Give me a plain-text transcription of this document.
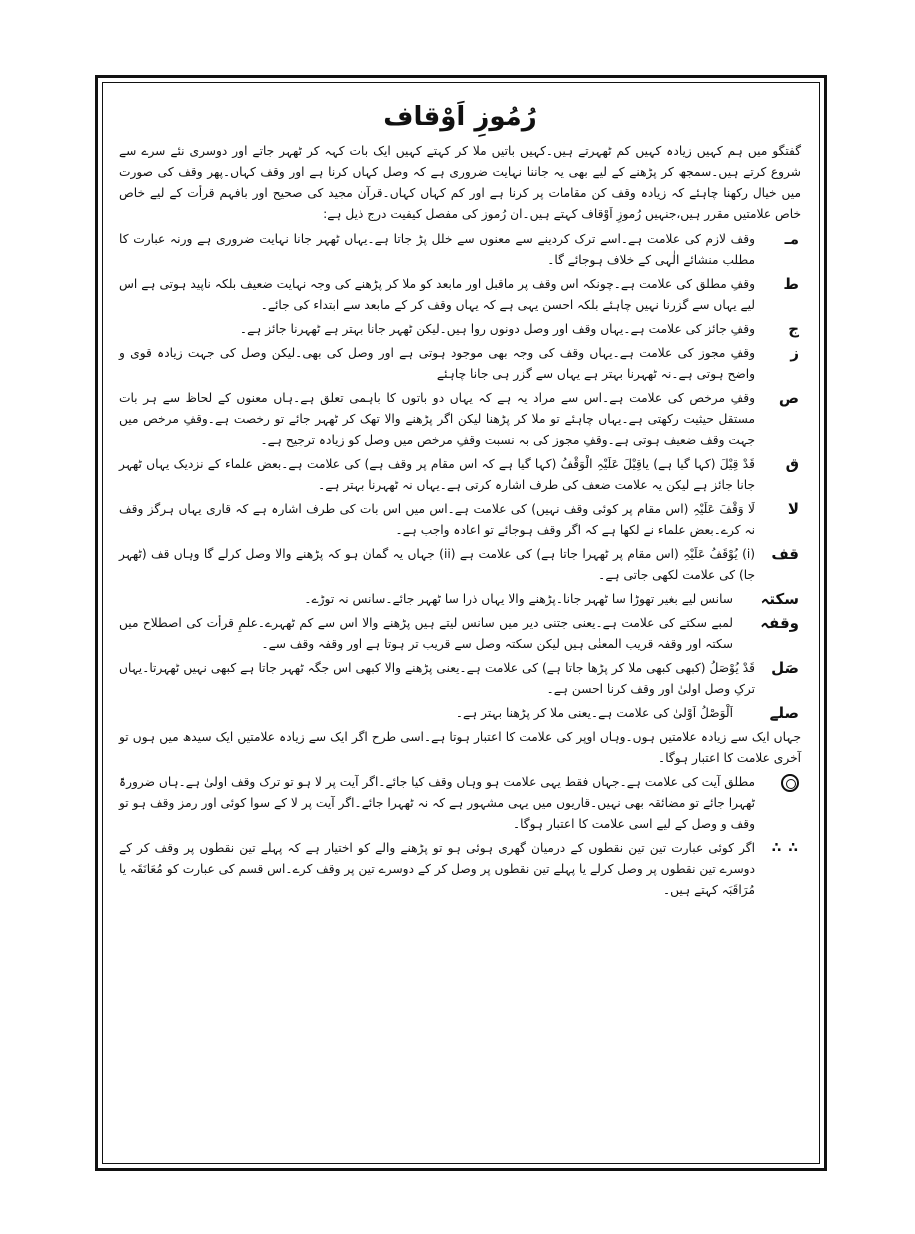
رُمُوزِ اَوْقاف

گفتگو میں ہم کہیں زیادہ کہیں کم ٹھہرتے ہیں۔کہیں باتیں ملا کر کہتے کہیں ایک بات کہہ کر ٹھہر جاتے اور دوسری نئے سرے سے شروع کرتے ہیں۔سمجھ کر پڑھنے کے لیے بھی یہ جاننا نہایت ضروری ہے کہ وصل کہاں کرنا ہے اور وقف کہاں۔پھر وقف کی صورت میں خیال رکھنا چاہئے کہ زیادہ وقف کن مقامات پر کرنا ہے اور کم کہاں کہاں۔قرآن مجید کی صحیح اور بافہم قرأت کے لیے خاص خاص علامتیں مقرر ہیں،جنہیں رُموزِ اَوْقاف کہتے ہیں۔ان رُموز کی مفصل کیفیت درج ذیل ہے:

مـ
وقف لازم کی علامت ہے۔اسے ترک کردینے سے معنوں سے خلل پڑ جاتا ہے۔یہاں ٹھہر جانا نہایت ضروری ہے ورنہ عبارت کا مطلب منشائے الٰہی کے خلاف ہوجائے گا۔
ط
وقفِ مطلق کی علامت ہے۔چونکہ اس وقف پر ماقبل اور مابعد کو ملا کر پڑھنے کی وجہ نہایت ضعیف بلکہ ناپید ہوتی ہے اس لیے یہاں سے گزرنا نہیں چاہئے بلکہ احسن یہی ہے کہ یہاں وقف کر کے مابعد سے ابتداء کی جائے۔
ج
وقفِ جائز کی علامت ہے۔یہاں وقف اور وصل دونوں روا ہیں۔لیکن ٹھہر جانا بہتر ہے ٹھہرنا جائز ہے۔
ز
وقفِ مجوز کی علامت ہے۔یہاں وقف کی وجہ بھی موجود ہوتی ہے اور وصل کی بھی۔لیکن وصل کی جہت زیادہ قوی و واضح ہوتی ہے۔نہ ٹھہرنا بہتر ہے یہاں سے گزر ہی جانا چاہئے
ص
وقفِ مرخص کی علامت ہے۔اس سے مراد یہ ہے کہ یہاں دو باتوں کا باہمی تعلق ہے۔ہاں معنوں کے لحاظ سے ہر بات مستقل حیثیت رکھتی ہے۔یہاں چاہئے تو ملا کر پڑھنا لیکن اگر پڑھنے والا تھک کر ٹھہر جائے تو رخصت ہے۔وقفِ مرخص میں جہت وقف ضعیف ہوتی ہے۔وقفِ مجوز کی بہ نسبت وقفِ مرخص میں وصل کو زیادہ ترجیح ہے۔
ق
قَدْ قِیْلَ (کہا گیا ہے) یاقِیْلَ عَلَیْہِ الْوَقْفُ (کہا گیا ہے کہ اس مقام پر وقف ہے) کی علامت ہے۔بعض علماء کے نزدیک یہاں ٹھہر جانا جائز ہے لیکن یہ علامت ضعف کی طرف اشارہ کرتی ہے۔یہاں نہ ٹھہرنا بہتر ہے۔
لا
لَا وَقْفَ عَلَیْہِ (اس مقام پر کوئی وقف نہیں) کی علامت ہے۔اس میں اس بات کی طرف اشارہ ہے کہ قاری یہاں ہرگز وقف نہ کرے۔بعض علماء نے لکھا ہے کہ اگر وقف ہوجائے تو اعادہ واجب ہے۔
قف
(i) یُوْقَفُ عَلَیْہِ (اس مقام پر ٹھہرا جاتا ہے) کی علامت ہے (ii) جہاں یہ گمان ہو کہ پڑھنے والا وصل کرلے گا وہاں قف (ٹھہر جا) کی علامت لکھی جاتی ہے۔
سکتہ
سانس لیے بغیر تھوڑا سا ٹھہر جانا۔پڑھنے والا یہاں ذرا سا ٹھہر جائے۔سانس نہ توڑے۔
وقفہ
لمبے سکتے کی علامت ہے۔یعنی جتنی دیر میں سانس لیتے ہیں پڑھنے والا اس سے کم ٹھہرے۔علمِ قرأت کی اصطلاح میں سکتہ اور وقفہ قریب المعنٰی ہیں لیکن سکتہ وصل سے قریب تر ہوتا ہے اور وقفہ وقف سے۔
صَل
قَدْ یُوْصَلُ (کبھی کبھی ملا کر پڑھا جاتا ہے) کی علامت ہے۔یعنی پڑھنے والا کبھی اس جگہ ٹھہر جاتا ہے کبھی نہیں ٹھہرتا۔یہاں ترکِ وصل اولیٰ اور وقف کرنا احسن ہے۔
صلے
اَلْوَصْلُ اَوْلیٰ کی علامت ہے۔یعنی ملا کر پڑھنا بہتر ہے۔

جہاں ایک سے زیادہ علامتیں ہوں۔وہاں اوپر کی علامت کا اعتبار ہوتا ہے۔اسی طرح اگر ایک سے زیادہ علامتیں ایک سیدھ میں ہوں تو آخری علامت کا اعتبار ہوگا۔

مطلق آیت کی علامت ہے۔جہاں فقط یہی علامت ہو وہاں وقف کیا جائے۔اگر آیت پر لا ہو تو ترک وقف اولیٰ ہے۔ہاں ضرورۃً ٹھہرا جائے تو مضائقہ بھی نہیں۔قاریوں میں یہی مشہور ہے کہ نہ ٹھہرا جائے۔اگر آیت پر لا کے سوا کوئی اور رمز وقف ہو تو وقف و وصل کے لیے اسی علامت کا اعتبار ہوگا۔
∴ ∴
اگر کوئی عبارت تین تین نقطوں کے درمیان گھری ہوئی ہو تو پڑھنے والے کو اختیار ہے کہ پہلے تین نقطوں پر وقف کر کے دوسرے تین نقطوں پر وصل کرلے یا پہلے تین نقطوں پر وصل کر کے دوسرے تین پر وقف کرے۔اس قسم کی عبارت کو مُعَانَقَہ یا مُرَاقَبَہ کہتے ہیں۔
